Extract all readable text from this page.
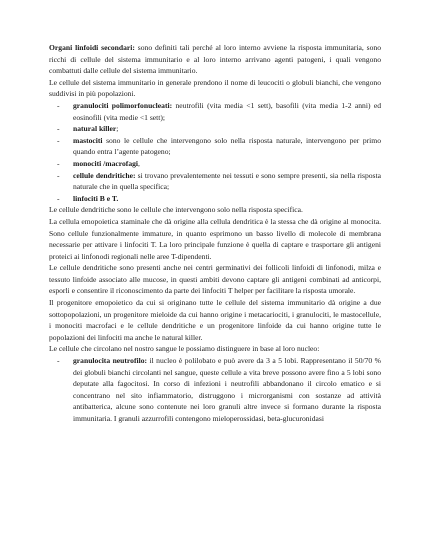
Organi linfoidi secondari: sono definiti tali perché al loro interno avviene la risposta immunitaria, sono ricchi di cellule del sistema immunitario e al loro interno arrivano agenti patogeni, i quali vengono combattuti dalle cellule del sistema immunitario.

Le cellule del sistema immunitario in generale prendono il nome di leucociti o globuli bianchi, che vengono suddivisi in più popolazioni.

- granulociti polimorfonucleati: neutrofili (vita media <1 sett), basofili (vita media 1-2 anni) ed eosinofili (vita medie <1 sett);
- natural killer;
- mastociti sono le cellule che intervengono solo nella risposta naturale, intervengono per primo quando entra l’agente patogeno;
- monociti /macrofagi,
- cellule dendritiche: si trovano prevalentemente nei tessuti e sono sempre presenti, sia nella risposta naturale che in quella specifica;
- linfociti B e T.

Le cellule dendritiche sono le cellule che intervengono solo nella risposta specifica.

La cellula emopoietica staminale che dà origine alla cellula dendritica è la stessa che dà origine al monocita. Sono cellule funzionalmente immature, in quanto esprimono un basso livello di molecole di membrana necessarie per attivare i linfociti T. La loro principale funzione è quella di captare e trasportare gli antigeni proteici ai linfonodi regionali nelle aree T-dipendenti.

Le cellule dendritiche sono presenti anche nei centri germinativi dei follicoli linfoidi di linfonodi, milza e tessuto linfoide associato alle mucose, in questi ambiti devono captare gli antigeni combinati ad anticorpi, esporli e consentire il riconoscimento da parte dei linfociti T helper per facilitare la risposta umorale.

Il progenitore emopoietico da cui si originano tutte le cellule del sistema immunitario dà origine a due sottopopolazioni, un progenitore mieloide da cui hanno origine i metacariociti, i granulociti, le mastocellule, i monociti macrofaci e le cellule dendritiche e un progenitore linfoide da cui hanno origine tutte le popolazioni dei linfociti ma anche le natural killer.

Le cellule che circolano nel nostro sangue le possiamo distinguere in base al loro nucleo:

- granulocita neutrofilo: il nucleo è polilobato e può avere da 3 a 5 lobi. Rappresentano il 50/70 % dei globuli bianchi circolanti nel sangue, queste cellule a vita breve possono avere fino a 5 lobi sono deputate alla fagocitosi. In corso di infezioni i neutrofili abbandonano il circolo ematico e si concentrano nel sito infiammatorio, distruggono i microrganismi con sostanze ad attività antibatterica, alcune sono contenute nei loro granuli altre invece si formano durante la risposta immunitaria. I granuli azzurrofili contengono mieloperossidasi, beta-glucuronidasi
